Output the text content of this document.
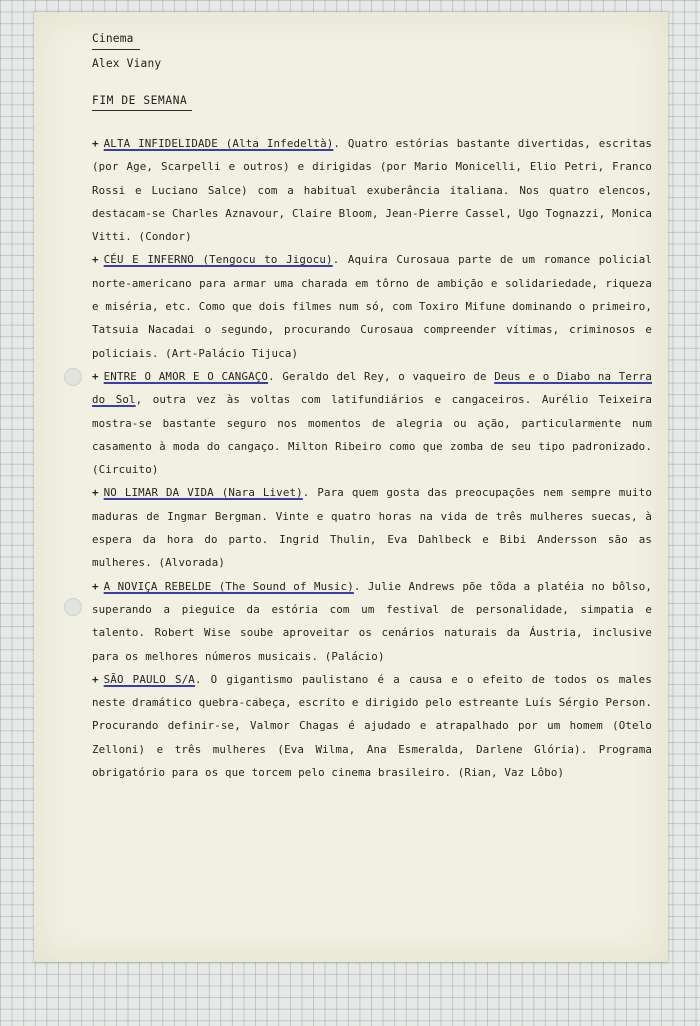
Cinema
Alex Viany
FIM DE SEMANA

+ ALTA INFIDELIDADE (Alta Infedeltà). Quatro estórias bastante divertidas, escritas (por Age, Scarpelli e outros) e dirigidas (por Mario Monicelli, Elio Petri, Franco Rossi e Luciano Salce) com a habitual exuberância italiana. Nos quatro elencos, destacam-se Charles Aznavour, Claire Bloom, Jean-Pierre Cassel, Ugo Tognazzi, Monica Vitti. (Condor)

+ CÉU E INFERNO (Tengocu to Jigocu). Aquira Curosaua parte de um romance policial norte-americano para armar uma charada em tôrno de ambição e solidariedade, riqueza e miséria, etc. Como que dois filmes num só, com Toxiro Mifune dominando o primeiro, Tatsuia Nacadai o segundo, procurando Curosaua compreender vítimas, criminosos e policiais. (Art-Palácio Tijuca)

+ ENTRE O AMOR E O CANGAÇO. Geraldo del Rey, o vaqueiro de Deus e o Diabo na Terra do Sol, outra vez às voltas com latifundiários e cangaceiros. Aurélio Teixeira mostra-se bastante seguro nos momentos de alegria ou ação, particularmente num casamento à moda do cangaço. Milton Ribeiro como que zomba de seu tipo padronizado. (Circuito)

+ NO LIMAR DA VIDA (Nara Livet). Para quem gosta das preocupações nem sempre muito maduras de Ingmar Bergman. Vinte e quatro horas na vida de três mulheres suecas, à espera da hora do parto. Ingrid Thulin, Eva Dahlbeck e Bibi Andersson são as mulheres. (Alvorada)

+ A NOVIÇA REBELDE (The Sound of Music). Julie Andrews põe tôda a platéia no bôlso, superando a pieguice da estória com um festival de personalidade, simpatia e talento. Robert Wise soube aproveitar os cenários naturais da Áustria, inclusive para os melhores números musicais. (Palácio)

+ SÃO PAULO S/A. O gigantismo paulistano é a causa e o efeito de todos os males neste dramático quebra-cabeça, escrito e dirigido pelo estreante Luís Sérgio Person. Procurando definir-se, Valmor Chagas é ajudado e atrapalhado por um homem (Otelo Zelloni) e três mulheres (Eva Wilma, Ana Esmeralda, Darlene Glória). Programa obrigatório para os que torcem pelo cinema brasileiro. (Rian, Vaz Lôbo)
